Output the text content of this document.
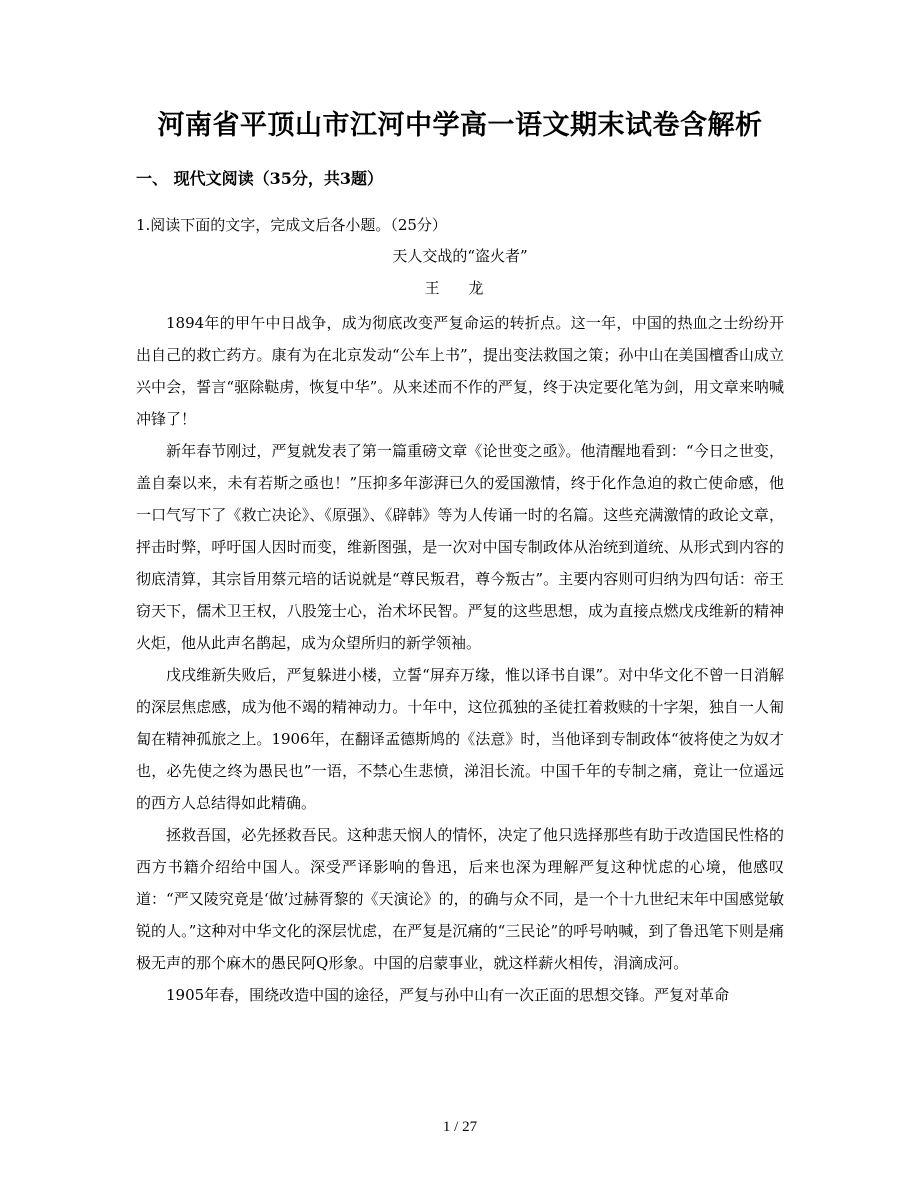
河南省平顶山市江河中学高一语文期末试卷含解析
一、 现代文阅读（35分，共3题）
1.阅读下面的文字，完成文后各小题。（25分）
天人交战的“盗火者”
王 龙

1894年的甲午中日战争，成为彻底改变严复命运的转折点。这一年，中国的热血之士纷纷开出自己的救亡药方。康有为在北京发动“公车上书”，提出变法救国之策；孙中山在美国檀香山成立兴中会，誓言“驱除鞑虏，恢复中华”。从来述而不作的严复，终于决定要化笔为剑，用文章来呐喊冲锋了！

新年春节刚过，严复就发表了第一篇重磅文章《论世变之亟》。他清醒地看到：“今日之世变，盖自秦以来，未有若斯之亟也！”压抑多年澎湃已久的爱国激情，终于化作急迫的救亡使命感，他一口气写下了《救亡决论》、《原强》、《辟韩》等为人传诵一时的名篇。这些充满激情的政论文章，抨击时弊，呼吁国人因时而变，维新图强，是一次对中国专制政体从治统到道统、从形式到内容的彻底清算，其宗旨用蔡元培的话说就是“尊民叛君，尊今叛古”。主要内容则可归纳为四句话：帝王窃天下，儒术卫王权，八股笼士心，治术坏民智。严复的这些思想，成为直接点燃戊戌维新的精神火炬，他从此声名鹊起，成为众望所归的新学领袖。

戊戌维新失败后，严复躲进小楼，立誓“屏弃万缘，惟以译书自课”。对中华文化不曾一日消解的深层焦虑感，成为他不竭的精神动力。十年中，这位孤独的圣徒扛着救赎的十字架，独自一人匍匐在精神孤旅之上。1906年，在翻译孟德斯鸠的《法意》时，当他译到专制政体“彼将使之为奴才也，必先使之终为愚民也”一语，不禁心生悲愤，涕泪长流。中国千年的专制之痛，竟让一位遥远的西方人总结得如此精确。

拯救吾国，必先拯救吾民。这种悲天悯人的情怀，决定了他只选择那些有助于改造国民性格的西方书籍介绍给中国人。深受严译影响的鲁迅，后来也深为理解严复这种忧虑的心境，他感叹道：“严又陵究竟是‘做’过赫胥黎的《天演论》的，的确与众不同，是一个十九世纪末年中国感觉敏锐的人。”这种对中华文化的深层忧虑，在严复是沉痛的“三民论”的呼号呐喊，到了鲁迅笔下则是痛极无声的那个麻木的愚民阿Q形象。中国的启蒙事业，就这样薪火相传，涓滴成河。

1905年春，围绕改造中国的途径，严复与孙中山有一次正面的思想交锋。严复对革命

1 / 27
